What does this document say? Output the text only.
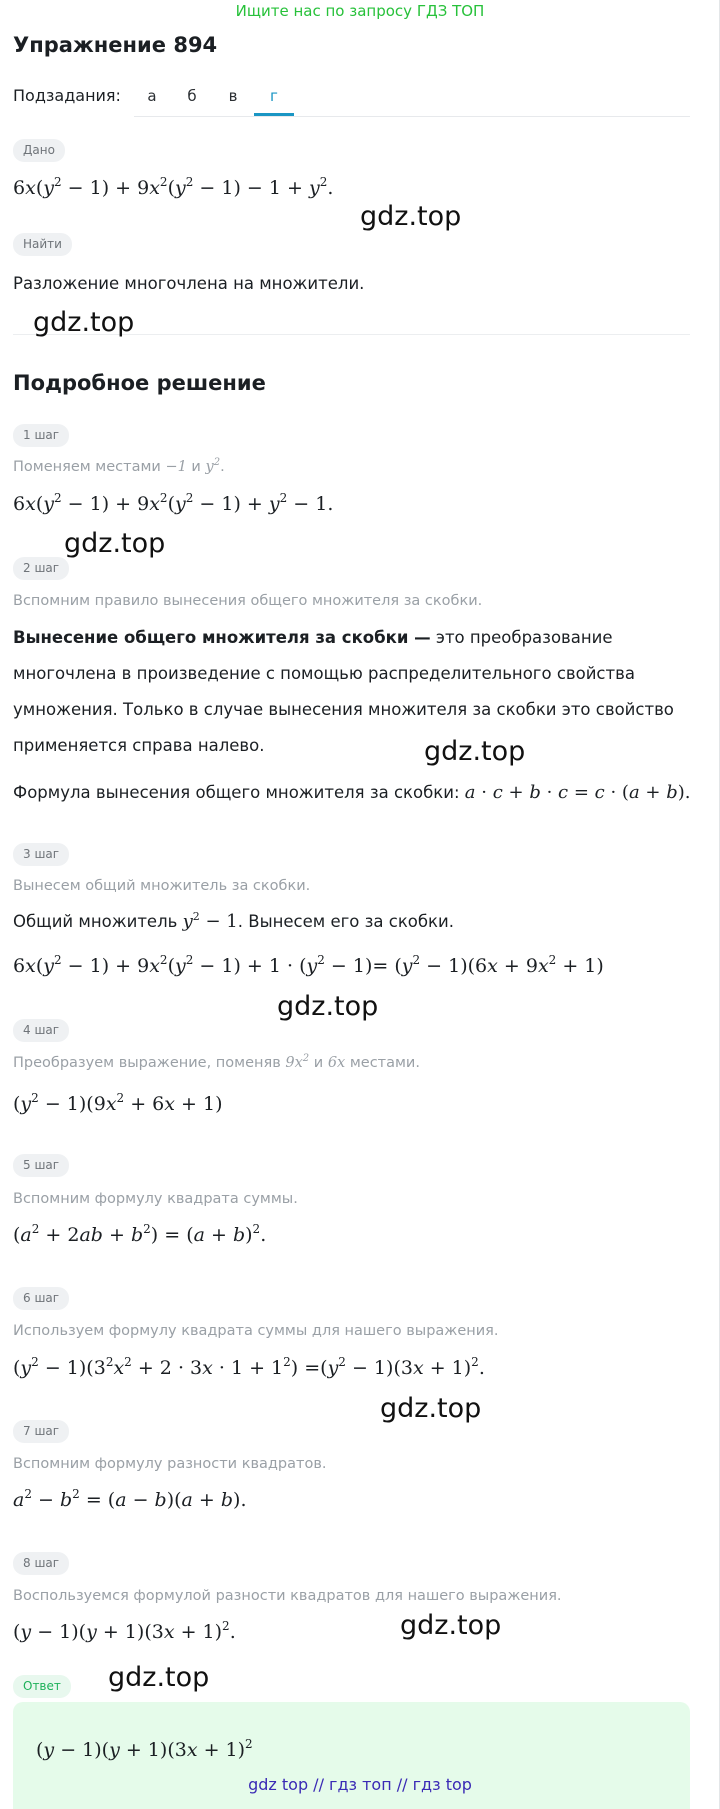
Ищите нас по запросу ГДЗ ТОП
Упражнение 894
Подзадания:	а	б	в	г
Дано
$6x(y^2 - 1) + 9x^2(y^2 - 1) - 1 + y^2$.
Найти
Разложение многочлена на множители.
Подробное решение
1 шаг
Поменяем местами −1 и $y^2$.
$6x(y^2 - 1) + 9x^2(y^2 - 1) + y^2 - 1$.
2 шаг
Вспомним правило вынесения общего множителя за скобки.
Вынесение общего множителя за скобки — это преобразование многочлена в произведение с помощью распределительного свойства умножения. Только в случае вынесения множителя за скобки это свойство применяется справа налево.
Формула вынесения общего множителя за скобки: a · c + b · c = c · (a + b).
3 шаг
Вынесем общий множитель за скобки.
Общий множитель $y^2 - 1$. Вынесем его за скобки.
$6x(y^2 - 1) + 9x^2(y^2 - 1) + 1 \cdot (y^2 - 1)= (y^2 - 1)(6x + 9x^2 + 1)$
4 шаг
Преобразуем выражение, поменяв $9x^2$ и 6x местами.
$(y^2 - 1)(9x^2 + 6x + 1)$
5 шаг
Вспомним формулу квадрата суммы.
$(a^2 + 2ab + b^2) = (a + b)^2$.
6 шаг
Используем формулу квадрата суммы для нашего выражения.
$(y^2 - 1)(3^2x^2 + 2 \cdot 3x \cdot 1 + 1^2) =(y^2 - 1)(3x + 1)^2$.
7 шаг
Вспомним формулу разности квадратов.
$a^2 - b^2 = (a - b)(a + b)$.
8 шаг
Воспользуемся формулой разности квадратов для нашего выражения.
$(y - 1)(y + 1)(3x + 1)^2$.
Ответ
$(y - 1)(y + 1)(3x + 1)^2$
gdz.top
gdz.top
gdz.top
gdz.top
gdz.top
gdz.top
gdz.top
gdz.top
gdz top // гдз топ // гдз top
